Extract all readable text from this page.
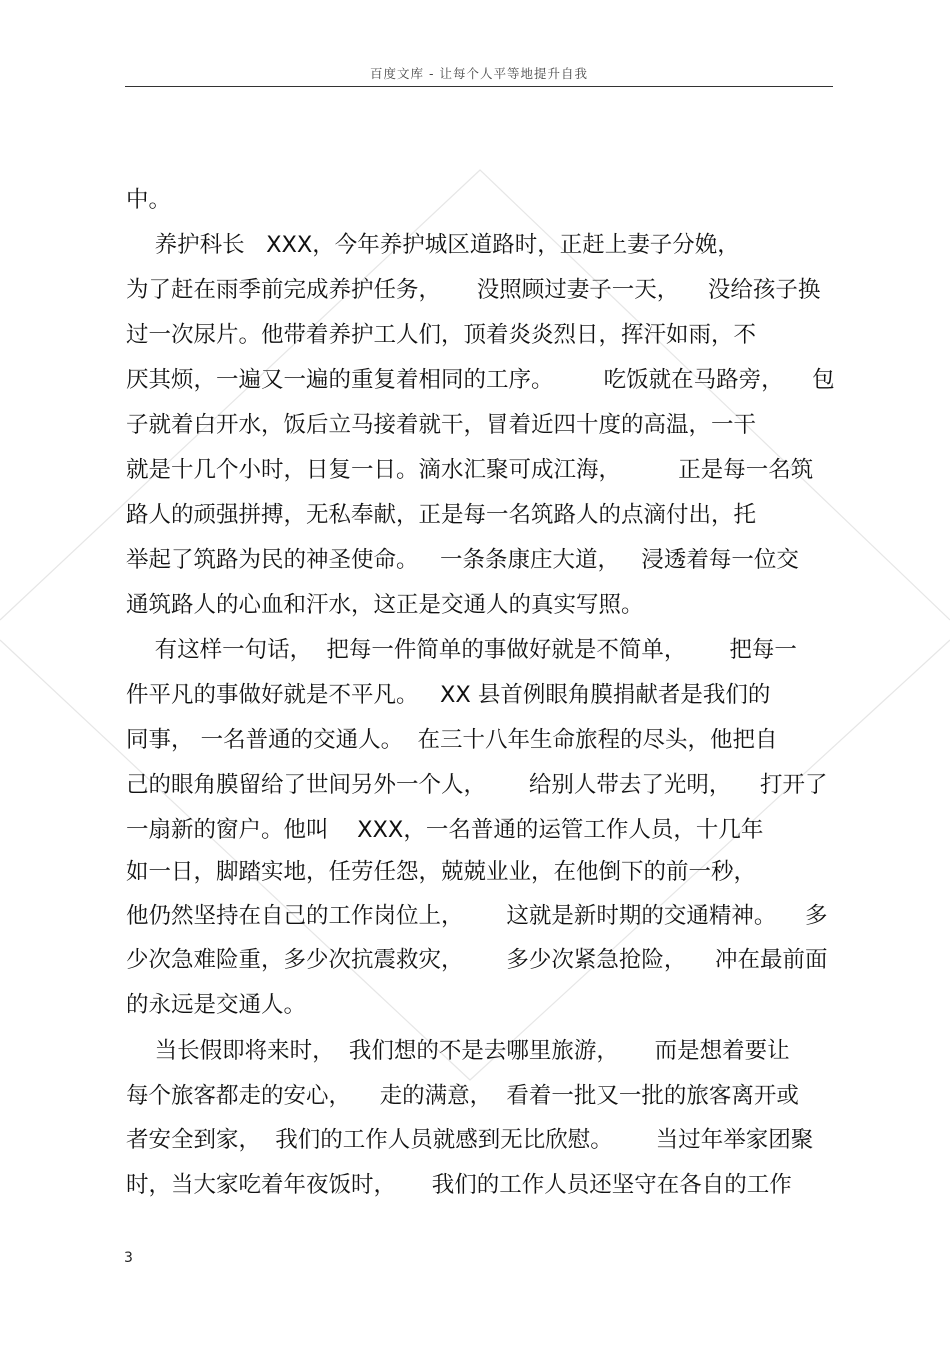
百度文库 - 让每个人平等地提升自我
中。
养护科长   XXX，今年养护城区道路时，正赶上妻子分娩，
为了赶在雨季前完成养护任务，     没照顾过妻子一天，    没给孩子换
过一次尿片。他带着养护工人们，顶着炎炎烈日，挥汗如雨，不
厌其烦，一遍又一遍的重复着相同的工序。       吃饭就在马路旁，    包
子就着白开水，饭后立马接着就干，冒着近四十度的高温，一干
就是十几个小时，日复一日。滴水汇聚可成江海，        正是每一名筑
路人的顽强拼搏，无私奉献，正是每一名筑路人的点滴付出，托
举起了筑路为民的神圣使命。   一条条康庄大道，   浸透着每一位交
通筑路人的心血和汗水，这正是交通人的真实写照。
有这样一句话，  把每一件简单的事做好就是不简单，      把每一
件平凡的事做好就是不平凡。   XX 县首例眼角膜捐献者是我们的
同事， 一名普通的交通人。  在三十八年生命旅程的尽头，他把自
己的眼角膜留给了世间另外一个人，      给别人带去了光明，    打开了
一扇新的窗户。他叫    XXX，一名普通的运管工作人员，十几年
如一日，脚踏实地，任劳任怨，兢兢业业，在他倒下的前一秒，
他仍然坚持在自己的工作岗位上，      这就是新时期的交通精神。    多
少次急难险重，多少次抗震救灾，      多少次紧急抢险，    冲在最前面
的永远是交通人。
当长假即将来时，  我们想的不是去哪里旅游，     而是想着要让
每个旅客都走的安心，    走的满意，  看着一批又一批的旅客离开或
者安全到家，  我们的工作人员就感到无比欣慰。      当过年举家团聚
时，当大家吃着年夜饭时，     我们的工作人员还坚守在各自的工作
3
